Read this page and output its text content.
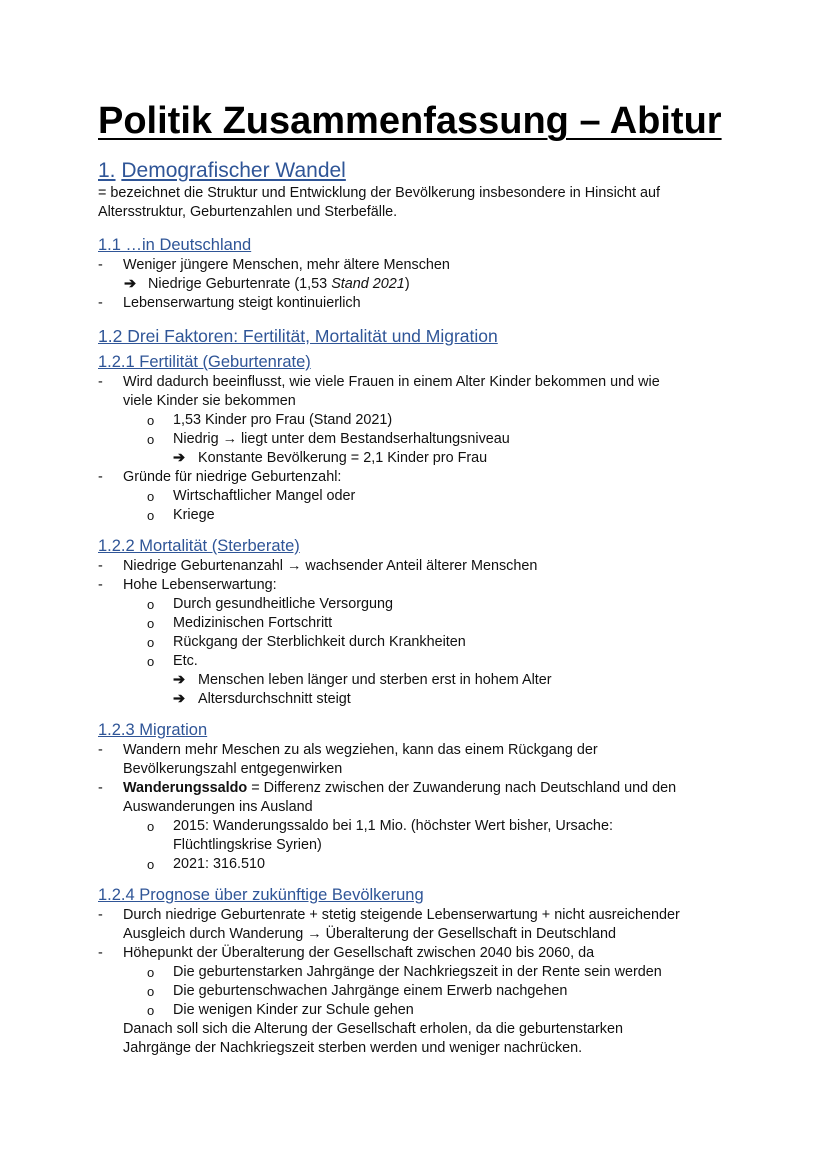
Politik Zusammenfassung – Abitur
1. Demografischer Wandel

= bezeichnet die Struktur und Entwicklung der Bevölkerung insbesondere in Hinsicht auf Altersstruktur, Geburtenzahlen und Sterbefälle.

1.1 …in Deutschland
- Weniger jüngere Menschen, mehr ältere Menschen
➔ Niedrige Geburtenrate (1,53 Stand 2021)
- Lebenserwartung steigt kontinuierlich
1.2 Drei Faktoren: Fertilität, Mortalität und Migration
1.2.1 Fertilität (Geburtenrate)
- Wird dadurch beeinflusst, wie viele Frauen in einem Alter Kinder bekommen und wie
viele Kinder sie bekommen
o 1,53 Kinder pro Frau (Stand 2021)
o Niedrig → liegt unter dem Bestandserhaltungsniveau
➔ Konstante Bevölkerung = 2,1 Kinder pro Frau
- Gründe für niedrige Geburtenzahl:
o Wirtschaftlicher Mangel oder
o Kriege
1.2.2 Mortalität (Sterberate)
- Niedrige Geburtenanzahl → wachsender Anteil älterer Menschen
- Hohe Lebenserwartung:
o Durch gesundheitliche Versorgung
o Medizinischen Fortschritt
o Rückgang der Sterblichkeit durch Krankheiten
o Etc.
➔ Menschen leben länger und sterben erst in hohem Alter
➔ Altersdurchschnitt steigt
1.2.3 Migration
- Wandern mehr Meschen zu als wegziehen, kann das einem Rückgang der
Bevölkerungszahl entgegenwirken
- Wanderungssaldo = Differenz zwischen der Zuwanderung nach Deutschland und den
Auswanderungen ins Ausland
o 2015: Wanderungssaldo bei 1,1 Mio. (höchster Wert bisher, Ursache:
Flüchtlingskrise Syrien)
o 2021: 316.510
1.2.4 Prognose über zukünftige Bevölkerung
- Durch niedrige Geburtenrate + stetig steigende Lebenserwartung + nicht ausreichender
Ausgleich durch Wanderung → Überalterung der Gesellschaft in Deutschland
- Höhepunkt der Überalterung der Gesellschaft zwischen 2040 bis 2060, da
o Die geburtenstarken Jahrgänge der Nachkriegszeit in der Rente sein werden
o Die geburtenschwachen Jahrgänge einem Erwerb nachgehen
o Die wenigen Kinder zur Schule gehen
Danach soll sich die Alterung der Gesellschaft erholen, da die geburtenstarken
Jahrgänge der Nachkriegszeit sterben werden und weniger nachrücken.
